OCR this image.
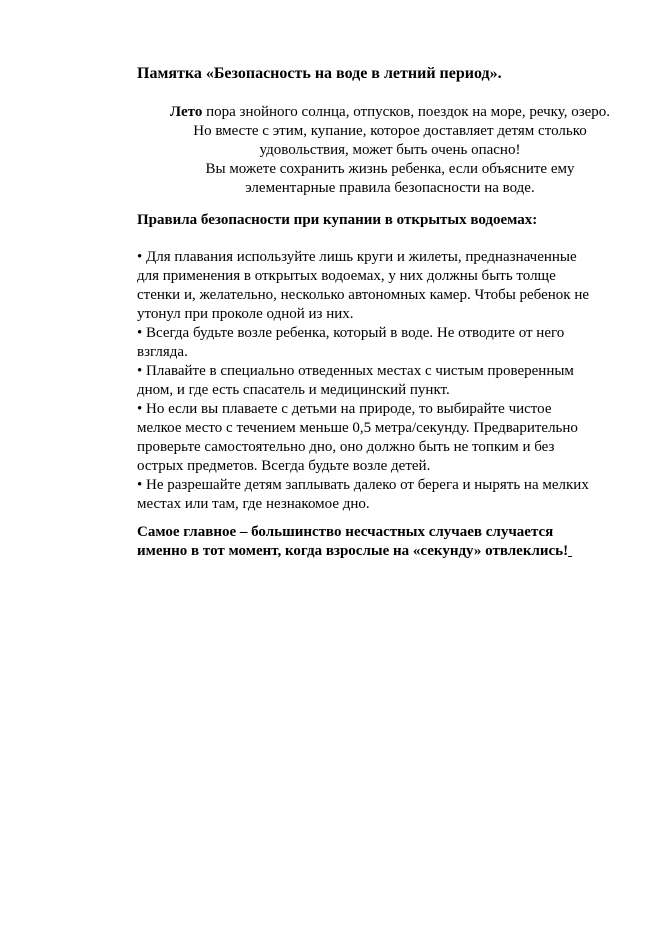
Памятка «Безопасность на воде в летний период».
Лето пора знойного солнца, отпусков, поездок на море, речку, озеро.
Но вместе с этим, купание, которое доставляет детям столько
удовольствия, может быть очень опасно!
Вы можете сохранить жизнь ребенка, если объясните ему
элементарные правила безопасности на воде.
Правила безопасности при купании в открытых водоемах:
• Для плавания используйте лишь круги и жилеты, предназначенные
для применения в открытых водоемах, у них должны быть толще
стенки и, желательно, несколько автономных камер. Чтобы ребенок не
утонул при проколе одной из них.
• Всегда будьте возле ребенка, который в воде. Не отводите от него
взгляда.
• Плавайте в специально отведенных местах с чистым проверенным
дном, и где есть спасатель и медицинский пункт.
• Но если вы плаваете с детьми на природе, то выбирайте чистое
мелкое место с течением меньше 0,5 метра/секунду. Предварительно
проверьте самостоятельно дно, оно должно быть не топким и без
острых предметов. Всегда будьте возле детей.
• Не разрешайте детям заплывать далеко от берега и нырять на мелких
местах или там, где незнакомое дно.
Самое главное – большинство несчастных случаев случается
именно в тот момент, когда взрослые на «секунду» отвлеклись!
